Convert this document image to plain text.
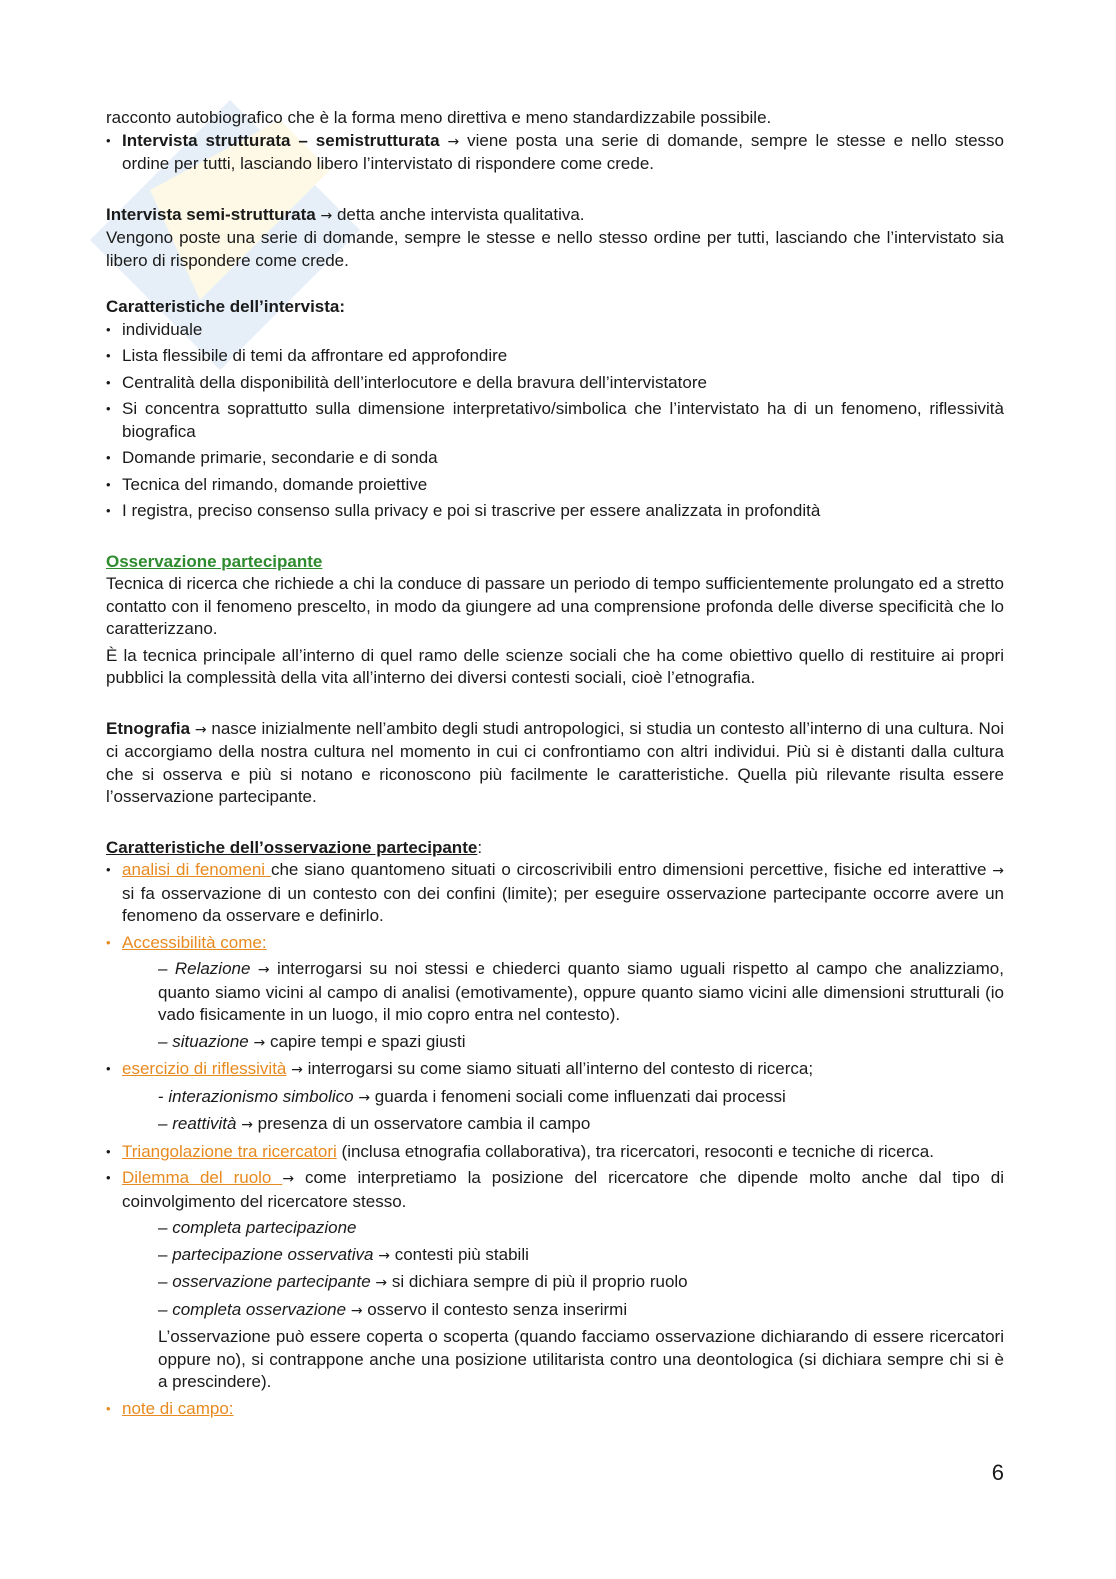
racconto autobiografico che è la forma meno direttiva e meno standardizzabile possibile.

• Intervista strutturata – semistrutturata → viene posta una serie di domande, sempre le stesse e nello stesso ordine per tutti, lasciando libero l’intervistato di rispondere come crede.

Intervista semi-strutturata → detta anche intervista qualitativa.

Vengono poste una serie di domande, sempre le stesse e nello stesso ordine per tutti, lasciando che l’intervistato sia libero di rispondere come crede.

Caratteristiche dell’intervista:

• individuale
• Lista flessibile di temi da affrontare ed approfondire
• Centralità della disponibilità dell’interlocutore e della bravura dell’intervistatore
• Si concentra soprattutto sulla dimensione interpretativo/simbolica che l’intervistato ha di un fenomeno, riflessività biografica
• Domande primarie, secondarie e di sonda
• Tecnica del rimando, domande proiettive
• I registra, preciso consenso sulla privacy e poi si trascrive per essere analizzata in profondità

Osservazione partecipante

Tecnica di ricerca che richiede a chi la conduce di passare un periodo di tempo sufficientemente prolungato ed a stretto contatto con il fenomeno prescelto, in modo da giungere ad una comprensione profonda delle diverse specificità che lo caratterizzano.

È la tecnica principale all’interno di quel ramo delle scienze sociali che ha come obiettivo quello di restituire ai propri pubblici la complessità della vita all’interno dei diversi contesti sociali, cioè l’etnografia.

Etnografia → nasce inizialmente nell’ambito degli studi antropologici, si studia un contesto all’interno di una cultura. Noi ci accorgiamo della nostra cultura nel momento in cui ci confrontiamo con altri individui. Più si è distanti dalla cultura che si osserva e più si notano e riconoscono più facilmente le caratteristiche. Quella più rilevante risulta essere l’osservazione partecipante.

Caratteristiche dell’osservazione partecipante:

• analisi di fenomeni che siano quantomeno situati o circoscrivibili entro dimensioni percettive, fisiche ed interattive → si fa osservazione di un contesto con dei confini (limite); per eseguire osservazione partecipante occorre avere un fenomeno da osservare e definirlo.
• Accessibilità come:

– Relazione → interrogarsi su noi stessi e chiederci quanto siamo uguali rispetto al campo che analizziamo, quanto siamo vicini al campo di analisi (emotivamente), oppure quanto siamo vicini alle dimensioni strutturali (io vado fisicamente in un luogo, il mio copro entra nel contesto).

– situazione → capire tempi e spazi giusti

• esercizio di riflessività → interrogarsi su come siamo situati all’interno del contesto di ricerca;

- interazionismo simbolico → guarda i fenomeni sociali come influenzati dai processi

– reattività → presenza di un osservatore cambia il campo

• Triangolazione tra ricercatori (inclusa etnografia collaborativa), tra ricercatori, resoconti e tecniche di ricerca.
• Dilemma del ruolo → come interpretiamo la posizione del ricercatore che dipende molto anche dal tipo di coinvolgimento del ricercatore stesso.

– completa partecipazione

– partecipazione osservativa → contesti più stabili

– osservazione partecipante → si dichiara sempre di più il proprio ruolo

– completa osservazione → osservo il contesto senza inserirmi

L’osservazione può essere coperta o scoperta (quando facciamo osservazione dichiarando di essere ricercatori oppure no), si contrappone anche una posizione utilitarista contro una deontologica (si dichiara sempre chi si è a prescindere).

• note di campo:
6
